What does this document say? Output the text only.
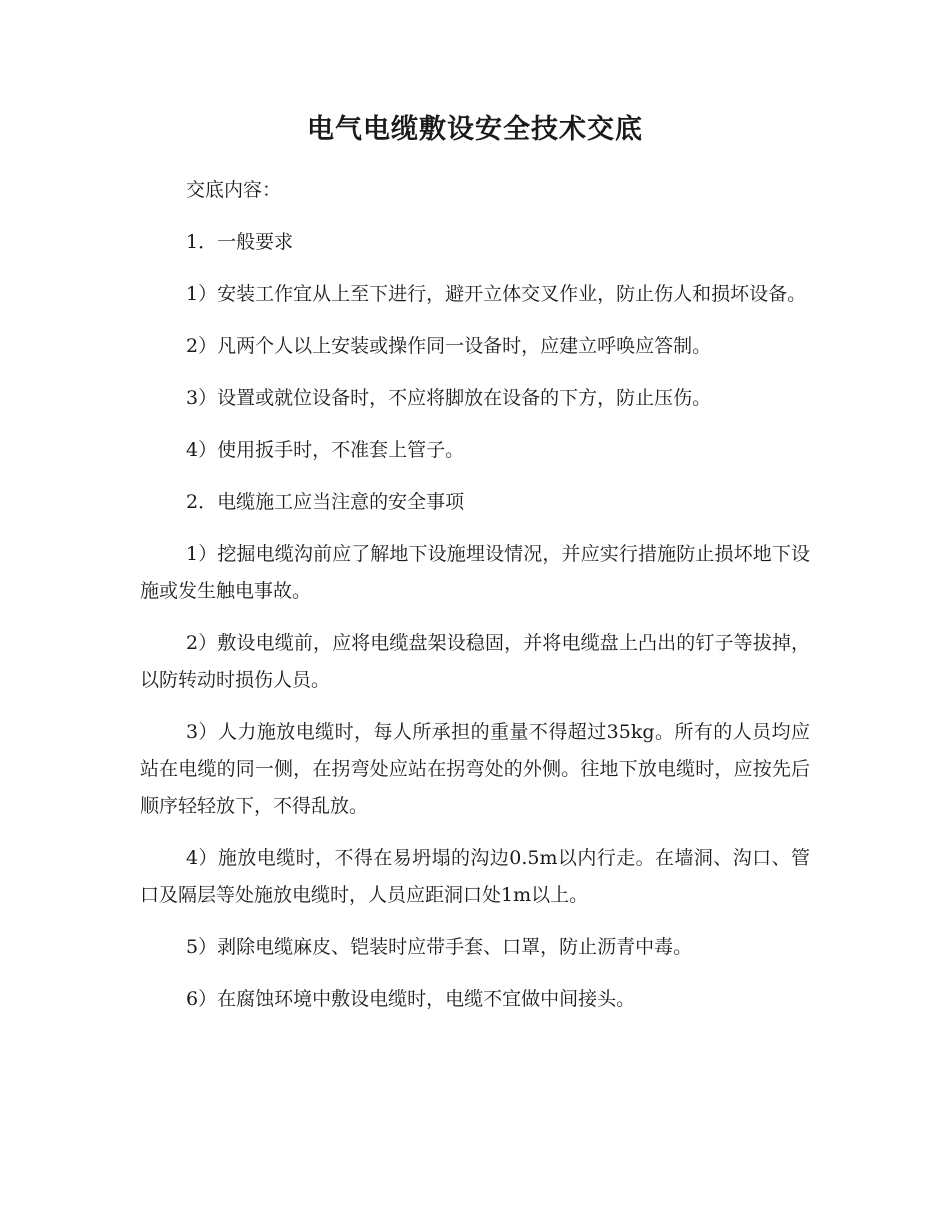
电气电缆敷设安全技术交底

交底内容：

1．一般要求

1）安装工作宜从上至下进行，避开立体交叉作业，防止伤人和损坏设备。

2）凡两个人以上安装或操作同一设备时，应建立呼唤应答制。

3）设置或就位设备时，不应将脚放在设备的下方，防止压伤。

4）使用扳手时，不准套上管子。

2．电缆施工应当注意的安全事项

1）挖掘电缆沟前应了解地下设施埋设情况，并应实行措施防止损坏地下设施或发生触电事故。

2）敷设电缆前，应将电缆盘架设稳固，并将电缆盘上凸出的钉子等拔掉，以防转动时损伤人员。

3）人力施放电缆时，每人所承担的重量不得超过35kg。所有的人员均应站在电缆的同一侧，在拐弯处应站在拐弯处的外侧。往地下放电缆时，应按先后顺序轻轻放下，不得乱放。

4）施放电缆时，不得在易坍塌的沟边0.5m以内行走。在墙洞、沟口、管口及隔层等处施放电缆时，人员应距洞口处1m以上。

5）剥除电缆麻皮、铠装时应带手套、口罩，防止沥青中毒。

6）在腐蚀环境中敷设电缆时，电缆不宜做中间接头。
